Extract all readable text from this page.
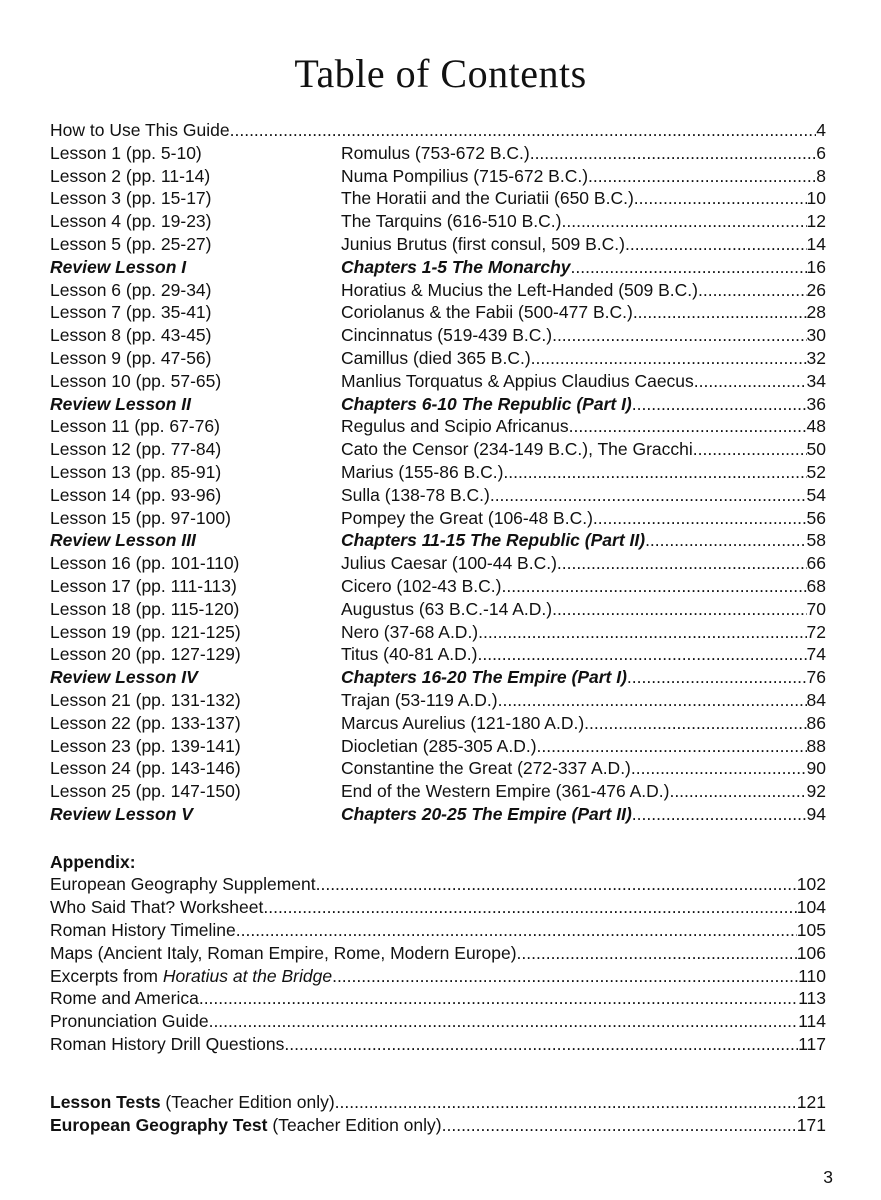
Table of Contents
How to Use This Guide .....	4
Lesson 1 (pp. 5-10)	Romulus (753-672 B.C.) .....	6
Lesson 2 (pp. 11-14)	Numa Pompilius (715-672 B.C.) .....	8
Lesson 3 (pp. 15-17)	The Horatii and the Curiatii (650 B.C.) .....	10
Lesson 4 (pp. 19-23)	The Tarquins (616-510 B.C.) .....	12
Lesson 5 (pp. 25-27)	Junius Brutus (first consul, 509 B.C.) .....	14
Review Lesson I	Chapters 1-5 The Monarchy .....	16
Lesson 6 (pp. 29-34)	Horatius & Mucius the Left-Handed (509 B.C.) .....	26
Lesson 7 (pp. 35-41)	Coriolanus & the Fabii (500-477 B.C.) .....	28
Lesson 8 (pp. 43-45)	Cincinnatus (519-439 B.C.) .....	30
Lesson 9 (pp. 47-56)	Camillus (died 365 B.C.) .....	32
Lesson 10 (pp. 57-65)	Manlius Torquatus & Appius Claudius Caecus .....	34
Review Lesson II	Chapters 6-10 The Republic (Part I) .....	36
Lesson 11 (pp. 67-76)	Regulus and Scipio Africanus .....	48
Lesson 12 (pp. 77-84)	Cato the Censor (234-149 B.C.), The Gracchi .....	50
Lesson 13 (pp. 85-91)	Marius (155-86 B.C.) .....	52
Lesson 14 (pp. 93-96)	Sulla (138-78 B.C.) .....	54
Lesson 15 (pp. 97-100)	Pompey the Great (106-48 B.C.) .....	56
Review Lesson III	Chapters 11-15 The Republic (Part II) .....	58
Lesson 16 (pp. 101-110)	Julius Caesar (100-44 B.C.) .....	66
Lesson 17 (pp. 111-113)	Cicero (102-43 B.C.) .....	68
Lesson 18 (pp. 115-120)	Augustus (63 B.C.-14 A.D.) .....	70
Lesson 19 (pp. 121-125)	Nero (37-68 A.D.) .....	72
Lesson 20 (pp. 127-129)	Titus (40-81 A.D.) .....	74
Review Lesson IV	Chapters 16-20 The Empire (Part I) .....	76
Lesson 21 (pp. 131-132)	Trajan (53-119 A.D.) .....	84
Lesson 22 (pp. 133-137)	Marcus Aurelius (121-180 A.D.) .....	86
Lesson 23 (pp. 139-141)	Diocletian (285-305 A.D.) .....	88
Lesson 24 (pp. 143-146)	Constantine the Great (272-337 A.D.) .....	90
Lesson 25 (pp. 147-150)	End of the Western Empire (361-476 A.D.) .....	92
Review Lesson V	Chapters 20-25 The Empire (Part II) .....	94
Appendix:
European Geography Supplement .....	102
Who Said That? Worksheet .....	104
Roman History Timeline .....	105
Maps (Ancient Italy, Roman Empire, Rome, Modern Europe) .....	106
Excerpts from Horatius at the Bridge .....	110
Rome and America .....	113
Pronunciation Guide .....	114
Roman History Drill Questions .....	117
Lesson Tests (Teacher Edition only) .....	121
European Geography Test (Teacher Edition only) .....	171
3
